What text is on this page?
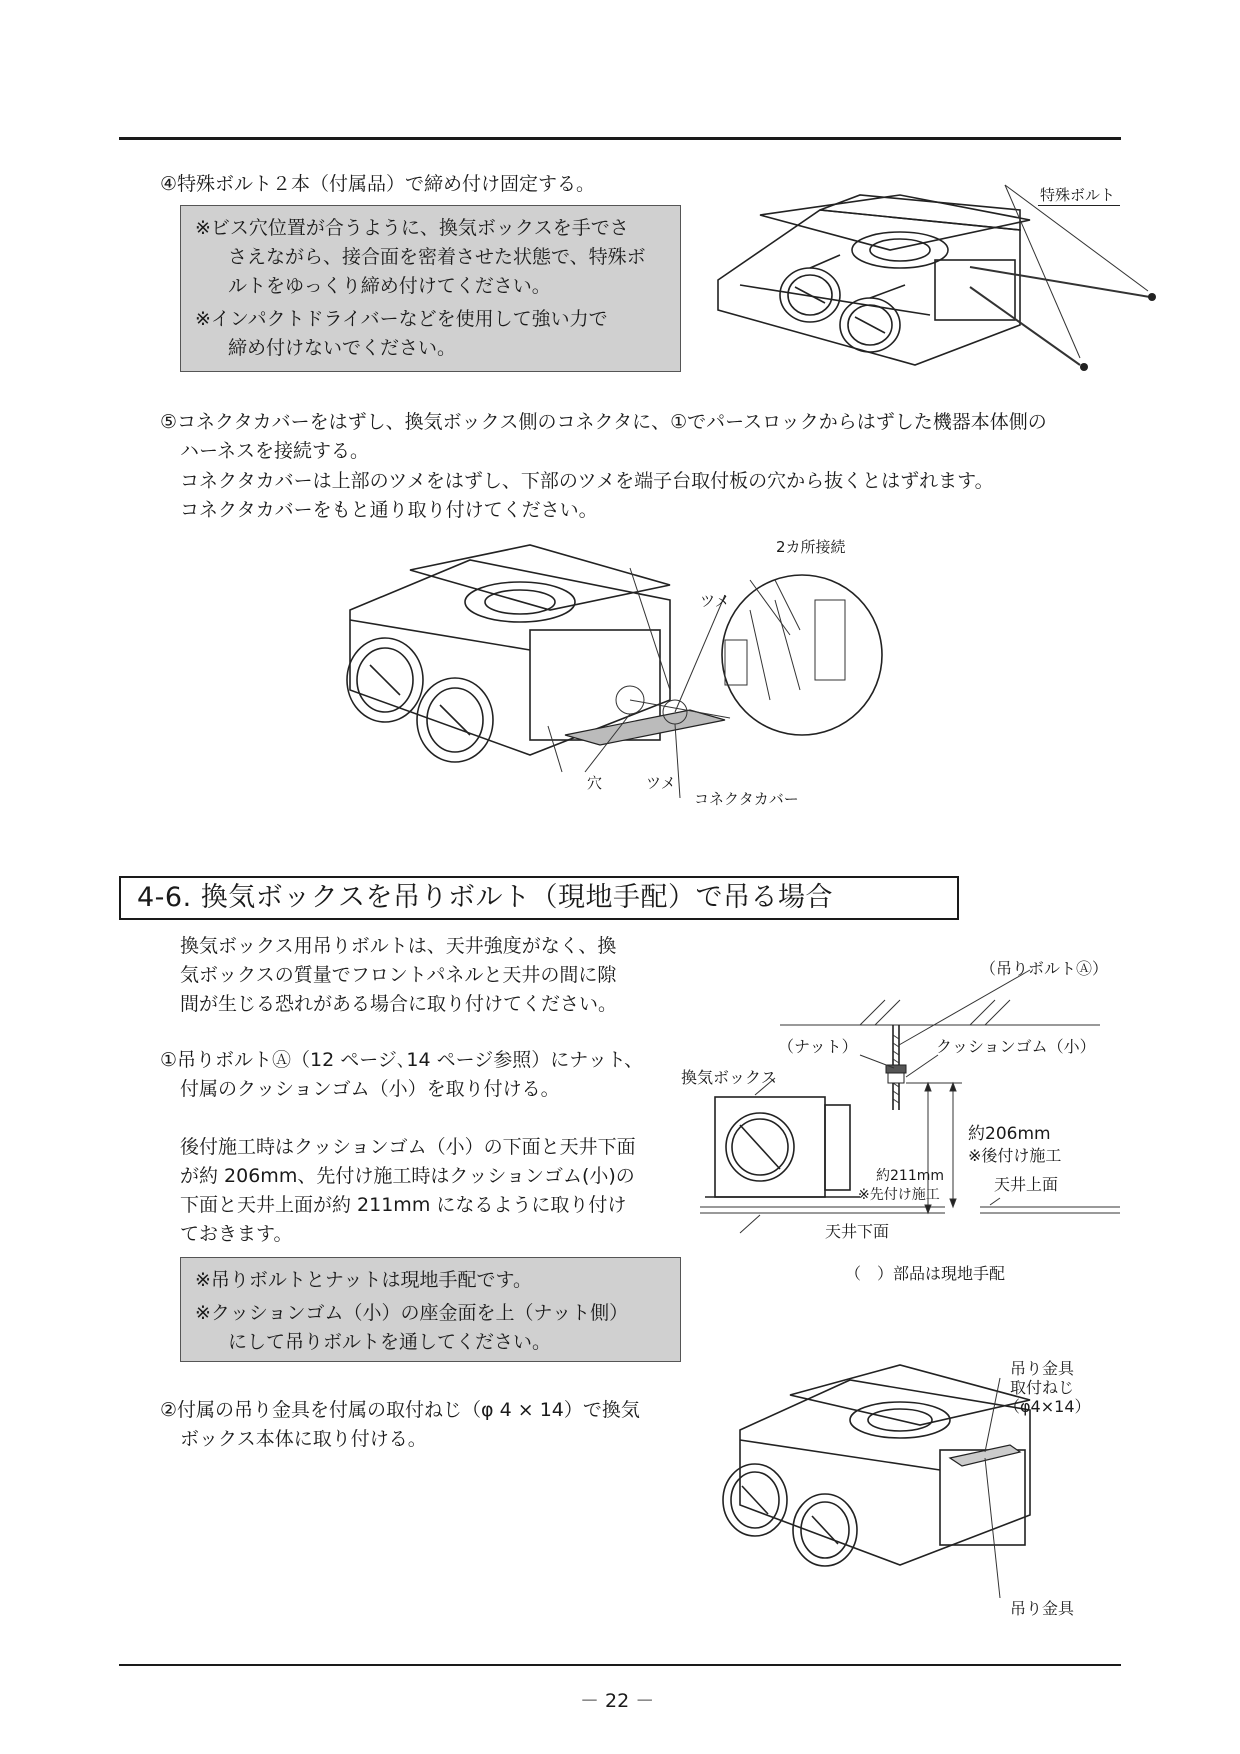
④特殊ボルト２本（付属品）で締め付け固定する。
※ビス穴位置が合うように、換気ボックスを手でさ
さえながら、接合面を密着させた状態で、特殊ボ
ルトをゆっくり締め付けてください。
※インパクトドライバーなどを使用して強い力で
締め付けないでください。
特殊ボルト
⑤コネクタカバーをはずし、換気ボックス側のコネクタに、①でパースロックからはずした機器本体側の
ハーネスを接続する。
コネクタカバーは上部のツメをはずし、下部のツメを端子台取付板の穴から抜くとはずれます。
コネクタカバーをもと通り取り付けてください。
2カ所接続
ツメ
穴	ツメ
コネクタカバー
4-6. 換気ボックスを吊りボルト（現地手配）で吊る場合
換気ボックス用吊りボルトは、天井強度がなく、換
気ボックスの質量でフロントパネルと天井の間に隙
間が生じる恐れがある場合に取り付けてください。
①吊りボルトⒶ（12 ページ､14 ページ参照）にナット、
付属のクッションゴム（小）を取り付ける。
後付施工時はクッションゴム（小）の下面と天井下面
が約 206mm、先付け施工時はクッションゴム(小)の
下面と天井上面が約 211mm になるように取り付け
ておきます。
※吊りボルトとナットは現地手配です。
※クッションゴム（小）の座金面を上（ナット側）
にして吊りボルトを通してください。
②付属の吊り金具を付属の取付ねじ（φ 4 × 14）で換気
ボックス本体に取り付ける。
（吊りボルトⒶ）
（ナット）	クッションゴム（小）
換気ボックス
約206mm
※後付け施工
約211mm
※先付け施工
天井上面
天井下面
（　）部品は現地手配
吊り金具
取付ねじ
（φ4×14）
吊り金具
－ 22 －
